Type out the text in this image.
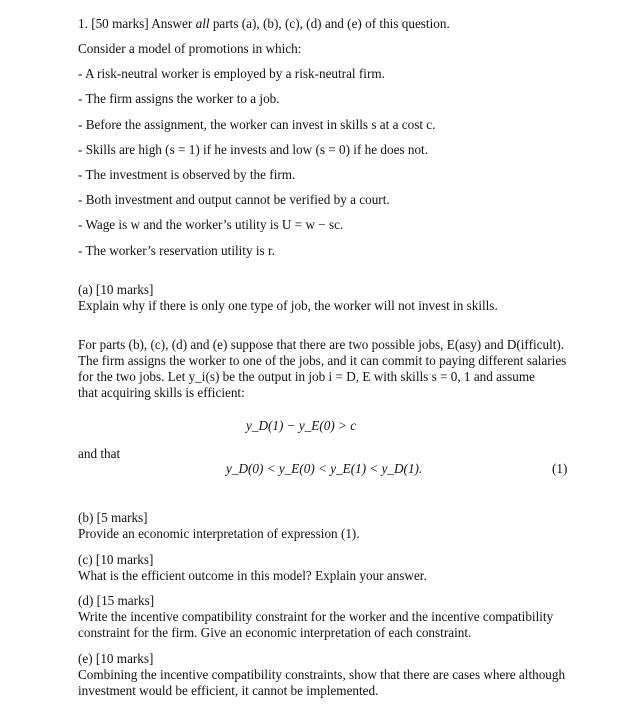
1. [50 marks] Answer all parts (a), (b), (c), (d) and (e) of this question.
Consider a model of promotions in which:
- A risk-neutral worker is employed by a risk-neutral firm.
- The firm assigns the worker to a job.
- Before the assignment, the worker can invest in skills s at a cost c.
- Skills are high (s = 1) if he invests and low (s = 0) if he does not.
- The investment is observed by the firm.
- Both investment and output cannot be verified by a court.
- Wage is w and the worker’s utility is U = w − sc.
- The worker’s reservation utility is r.
(a) [10 marks]
Explain why if there is only one type of job, the worker will not invest in skills.
For parts (b), (c), (d) and (e) suppose that there are two possible jobs, E(asy) and D(ifficult).
The firm assigns the worker to one of the jobs, and it can commit to paying different salaries
for the two jobs. Let y_i(s) be the output in job i = D, E with skills s = 0, 1 and assume
that acquiring skills is efficient:
y_D(1) − y_E(0) > c
and that
y_D(0) < y_E(0) < y_E(1) < y_D(1).	(1)
(b) [5 marks]
Provide an economic interpretation of expression (1).
(c) [10 marks]
What is the efficient outcome in this model? Explain your answer.
(d) [15 marks]
Write the incentive compatibility constraint for the worker and the incentive compatibility
constraint for the firm. Give an economic interpretation of each constraint.
(e) [10 marks]
Combining the incentive compatibility constraints, show that there are cases where although
investment would be efficient, it cannot be implemented.
